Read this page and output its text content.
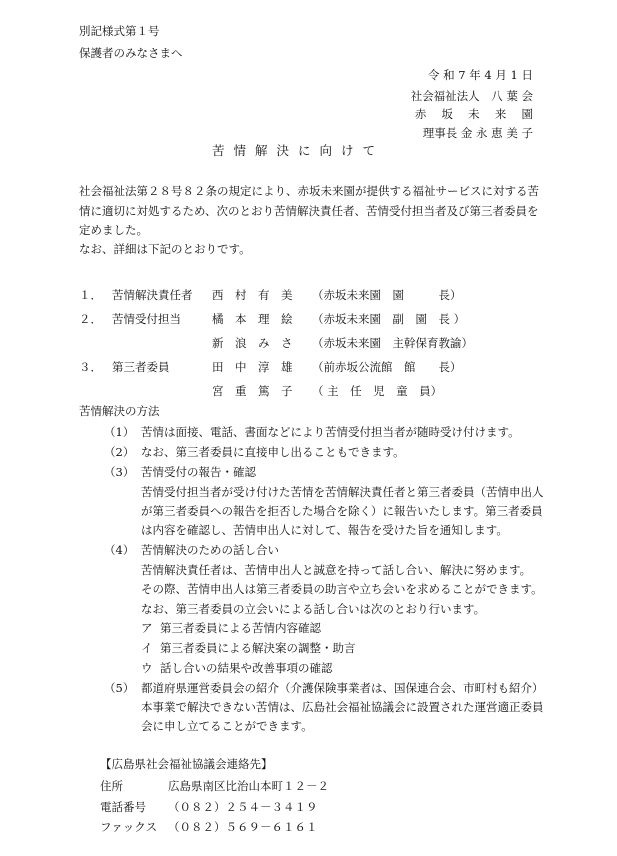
別記様式第１号
保護者のみなさまへ
令 和 7 年 4 月 1 日
社会福祉法人　八 葉 会
赤　 坂　 未　 来　 園
理事長 金 永 恵 美 子
苦情解決に向けて
社会福祉法第２８号８２条の規定により、赤坂未来園が提供する福祉サービスに対する苦
情に適切に対処するため、次のとおり苦情解決責任者、苦情受付担当者及び第三者委員を
定めました。
なお、詳細は下記のとおりです。
１． 苦情解決責任者 西　村　有　美 （赤坂未来園　園　　　長）
２． 苦情受付担当	橘　本　理　絵 （赤坂未来園　副　園　長 ）
新　浪　み　さ （赤坂未来園　主幹保育教諭）
３． 第三者委員	田　中　淳　雄 （前赤坂公流館　館　　長）
宮　重　篤　子 （ 主　任　児　童　員）
苦情解決の方法
（1） 苦情は面接、電話、書面などにより苦情受付担当者が随時受け付けます。
（2） なお、第三者委員に直接申し出ることもできます。
（3） 苦情受付の報告・確認
苦情受付担当者が受け付けた苦情を苦情解決責任者と第三者委員（苦情申出人
が第三者委員への報告を拒否した場合を除く）に報告いたします。第三者委員
は内容を確認し、苦情申出人に対して、報告を受けた旨を通知します。
（4） 苦情解決のための話し合い
苦情解決責任者は、苦情申出人と誠意を持って話し合い、解決に努めます。
その際、苦情申出人は第三者委員の助言や立ち会いを求めることができます。
なお、第三者委員の立会いによる話し合いは次のとおり行います。
ア 第三者委員による苦情内容確認
イ 第三者委員による解決案の調整・助言
ウ 話し合いの結果や改善事項の確認
（5） 都道府県運営委員会の紹介（介護保険事業者は、国保連合会、市町村も紹介）
本事業で解決できない苦情は、広島社会福祉協議会に設置された運営適正委員
会に申し立てることができます。
【広島県社会福祉協議会連絡先】
住所	広島県南区比治山本町１２－２
電話番号 （０８２）２５４－３４１９
ファックス （０８２）５６９－６１６１
